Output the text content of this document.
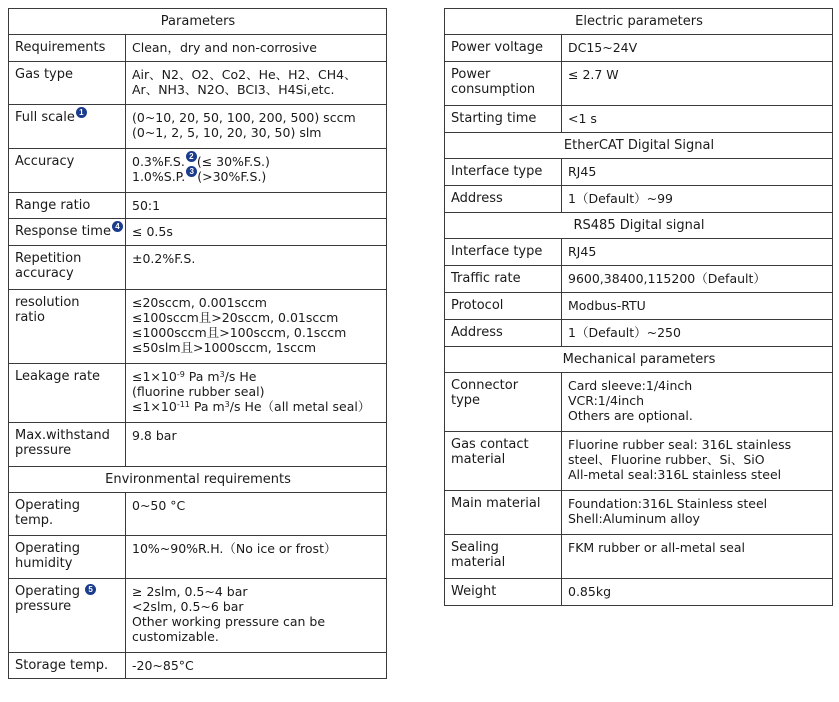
Parameters	
Requirements	Clean，dry and non-corrosive
Gas type	Air、N2、O2、Co2、He、H2、CH4、
Ar、NH3、N2O、BCI3、H4Si,etc.

Full scale 1	(0~10, 20, 50, 100, 200, 500) sccm
(0~1, 2, 5, 10, 20, 30, 50) slm

Accuracy	0.3%F.S. 2 (≤ 30%F.S.)
1.0%S.P. 3 (>30%F.S.)

Range ratio	50:1
Response time 4	≤ 0.5s

Repetition
accuracy	±0.2%F.S.

resolution
ratio	≤20sccm, 0.001sccm
≤100sccm且>20sccm, 0.01sccm
≤1000sccm且>100sccm, 0.1sccm
≤50slm且>1000sccm, 1sccm

Leakage rate	$\le 1\times 10^{-9}$ Pa $m^3/s$ He
(fluorine rubber seal)
$\le 1\times 10^{-11}$ Pa $m^3/s$ He（all metal seal）

Max.withstand
pressure	9.8 bar
Environmental requirements	

Operating
temp.	0~50 °C

Operating
humidity	10%~90%R.H.（No ice or frost）

Operating 5
pressure	≥ 2slm, 0.5~4 bar
<2slm, 0.5~6 bar
Other working pressure can be
customizable.

Storage temp.	-20~85°C
Electric parameters	
Power voltage	DC15~24V

Power
consumption	≤ 2.7 W
Starting time	<1 s
EtherCAT Digital Signal	
Interface type	RJ45
Address	1（Default）~99
RS485 Digital signal	
Interface type	RJ45
Traffic rate	9600,38400,115200（Default）
Protocol	Modbus-RTU
Address	1（Default）~250
Mechanical parameters	

Connector
type	Card sleeve:1/4inch
VCR:1/4inch
Others are optional.

Gas contact
material	Fluorine rubber seal: 316L stainless
steel、Fluorine rubber、Si、SiO
All-metal seal:316L stainless steel

Main material	Foundation:316L Stainless steel
Shell:Aluminum alloy

Sealing
material	FKM rubber or all-metal seal
Weight	0.85kg
